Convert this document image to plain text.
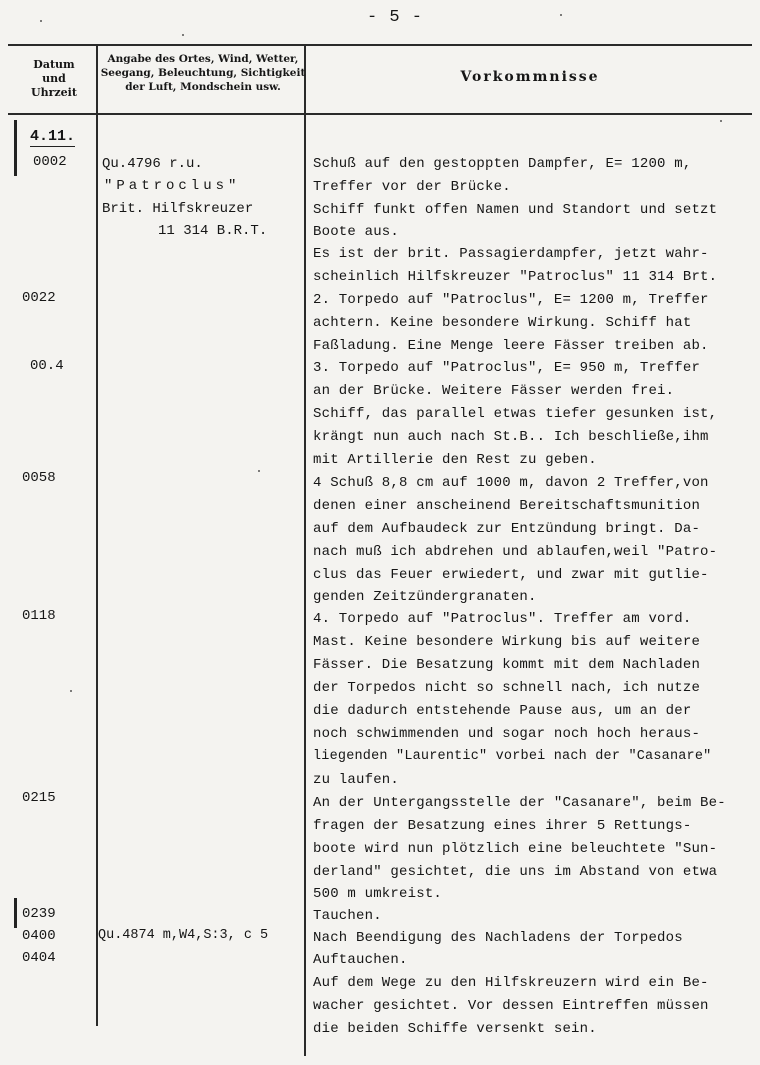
- 5 -
Datum
und
Uhrzeit
Angabe des Ortes, Wind, Wetter,
Seegang, Beleuchtung, Sichtigkeit
der Luft, Mondschein usw.
Vorkommnisse
4.11.
0002
0022
00.4
0058
0118
0215
0239
0400
0404
Qu.4796 r.u.
"Patroclus"
Brit. Hilfskreuzer
11 314 B.R.T.
Qu.4874 m,W4,S:3, c 5
Schuß auf den gestoppten Dampfer, E= 1200 m,
Treffer vor der Brücke.
Schiff funkt offen Namen und Standort und setzt
Boote aus.
Es ist der brit. Passagierdampfer, jetzt wahr-
scheinlich Hilfskreuzer "Patroclus" 11 314 Brt.
2. Torpedo auf "Patroclus", E= 1200 m, Treffer
achtern. Keine besondere Wirkung. Schiff hat
Faßladung. Eine Menge leere Fässer treiben ab.
3. Torpedo auf "Patroclus", E= 950 m, Treffer
an der Brücke. Weitere Fässer werden frei.
Schiff, das parallel etwas tiefer gesunken ist,
krängt nun auch nach St.B.. Ich beschließe,ihm
mit Artillerie den Rest zu geben.
4 Schuß 8,8 cm auf 1000 m, davon 2 Treffer,von
denen einer anscheinend Bereitschaftsmunition
auf dem Aufbaudeck zur Entzündung bringt. Da-
nach muß ich abdrehen und ablaufen,weil "Patro-
clus das Feuer erwiedert, und zwar mit gutlie-
genden Zeitzündergranaten.
4. Torpedo auf "Patroclus". Treffer am vord.
Mast. Keine besondere Wirkung bis auf weitere
Fässer. Die Besatzung kommt mit dem Nachladen
der Torpedos nicht so schnell nach, ich nutze
die dadurch entstehende Pause aus, um an der
noch schwimmenden und sogar noch hoch heraus-
liegenden "Laurentic" vorbei nach der "Casanare"
zu laufen.
An der Untergangsstelle der "Casanare", beim Be-
fragen der Besatzung eines ihrer 5 Rettungs-
boote wird nun plötzlich eine beleuchtete "Sun-
derland" gesichtet, die uns im Abstand von etwa
500 m umkreist.
Tauchen.
Nach Beendigung des Nachladens der Torpedos
Auftauchen.
Auf dem Wege zu den Hilfskreuzern wird ein Be-
wacher gesichtet. Vor dessen Eintreffen müssen
die beiden Schiffe versenkt sein.
